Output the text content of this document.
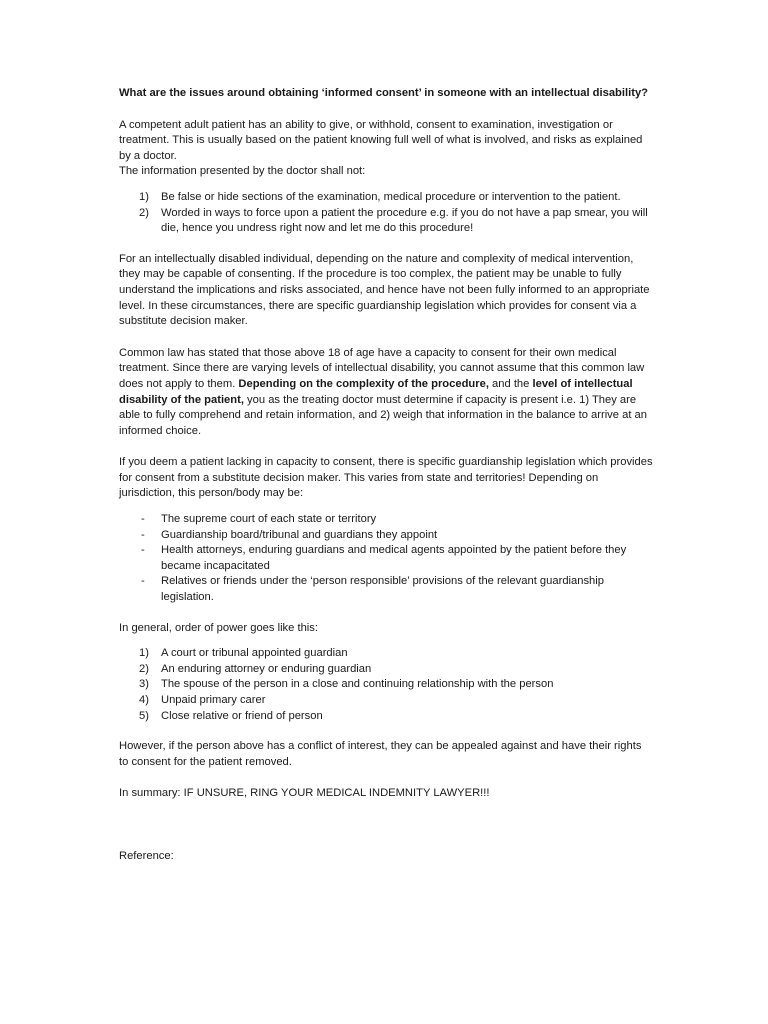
What are the issues around obtaining ‘informed consent’ in someone with an intellectual disability?

A competent adult patient has an ability to give, or withhold, consent to examination, investigation or treatment. This is usually based on the patient knowing full well of what is involved, and risks as explained by a doctor.

The information presented by the doctor shall not:

1) Be false or hide sections of the examination, medical procedure or intervention to the patient.
2) Worded in ways to force upon a patient the procedure e.g. if you do not have a pap smear, you will die, hence you undress right now and let me do this procedure!

For an intellectually disabled individual, depending on the nature and complexity of medical intervention, they may be capable of consenting. If the procedure is too complex, the patient may be unable to fully understand the implications and risks associated, and hence have not been fully informed to an appropriate level. In these circumstances, there are specific guardianship legislation which provides for consent via a substitute decision maker.

Common law has stated that those above 18 of age have a capacity to consent for their own medical treatment. Since there are varying levels of intellectual disability, you cannot assume that this common law does not apply to them. Depending on the complexity of the procedure, and the level of intellectual disability of the patient, you as the treating doctor must determine if capacity is present i.e. 1) They are able to fully comprehend and retain information, and 2) weigh that information in the balance to arrive at an informed choice.

If you deem a patient lacking in capacity to consent, there is specific guardianship legislation which provides for consent from a substitute decision maker. This varies from state and territories! Depending on jurisdiction, this person/body may be:

- The supreme court of each state or territory
- Guardianship board/tribunal and guardians they appoint
- Health attorneys, enduring guardians and medical agents appointed by the patient before they became incapacitated
- Relatives or friends under the ‘person responsible’ provisions of the relevant guardianship legislation.

In general, order of power goes like this:

1) A court or tribunal appointed guardian
2) An enduring attorney or enduring guardian
3) The spouse of the person in a close and continuing relationship with the person
4) Unpaid primary carer
5) Close relative or friend of person

However, if the person above has a conflict of interest, they can be appealed against and have their rights to consent for the patient removed.

In summary: IF UNSURE, RING YOUR MEDICAL INDEMNITY LAWYER!!!

Reference:
